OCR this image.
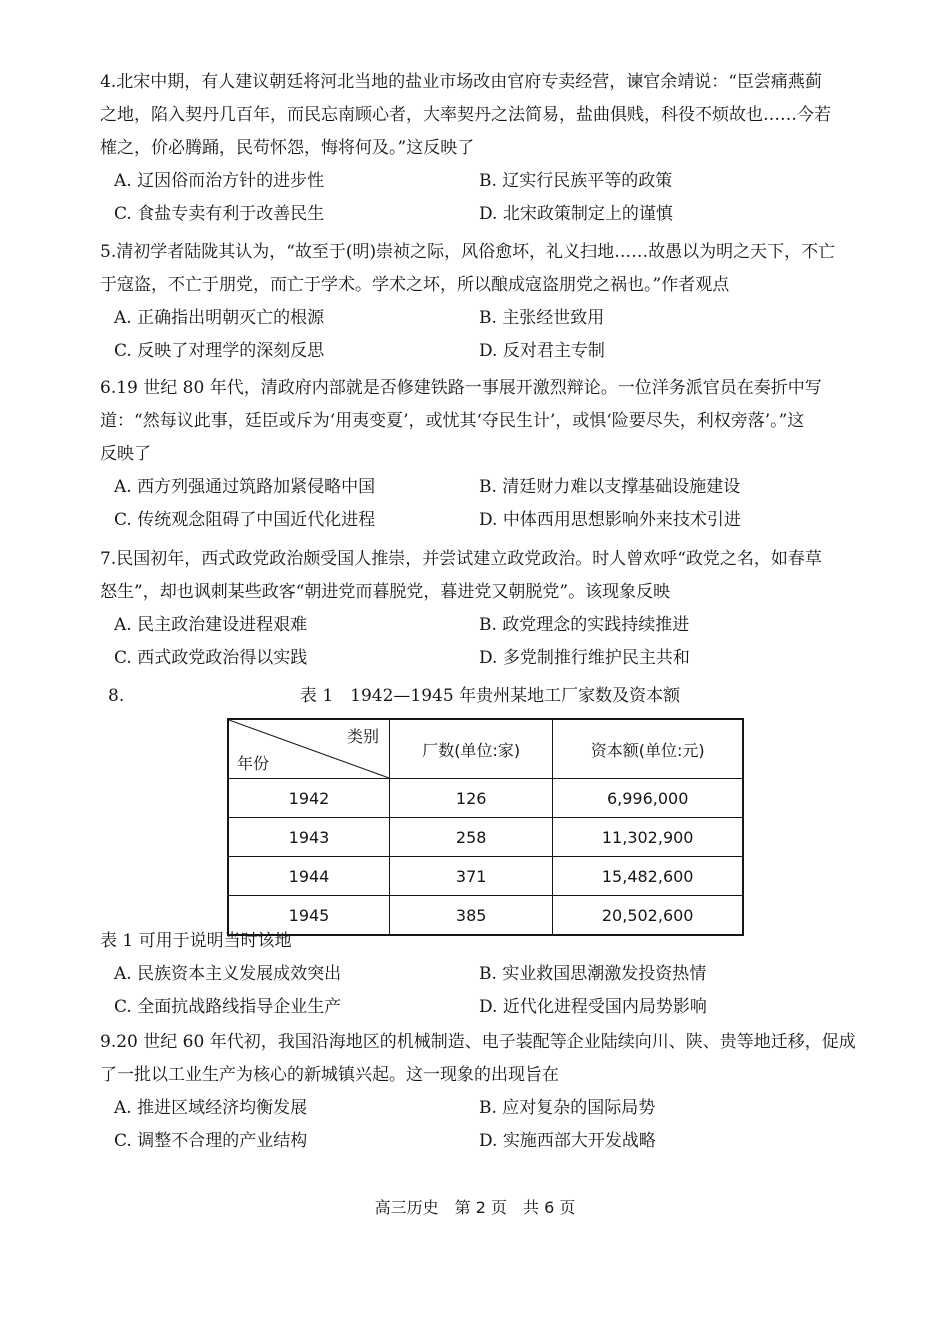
4.北宋中期，有人建议朝廷将河北当地的盐业市场改由官府专卖经营，谏官余靖说：“臣尝痛燕蓟

之地，陷入契丹几百年，而民忘南顾心者，大率契丹之法简易，盐曲俱贱，科役不烦故也……今若

榷之，价必腾踊，民苟怀怨，悔将何及。”这反映了

A. 辽因俗而治方针的进步性	B. 辽实行民族平等的政策
C. 食盐专卖有利于改善民生	D. 北宋政策制定上的谨慎

5.清初学者陆陇其认为，“故至于(明)崇祯之际，风俗愈坏，礼义扫地……故愚以为明之天下，不亡

于寇盗，不亡于朋党，而亡于学术。学术之坏，所以酿成寇盗朋党之祸也。”作者观点

A. 正确指出明朝灭亡的根源	B. 主张经世致用
C. 反映了对理学的深刻反思	D. 反对君主专制

6.19 世纪 80 年代，清政府内部就是否修建铁路一事展开激烈辩论。一位洋务派官员在奏折中写

道：“然每议此事，廷臣或斥为‘用夷变夏’，或忧其‘夺民生计’，或惧‘险要尽失，利权旁落’。”这

反映了

A. 西方列强通过筑路加紧侵略中国	B. 清廷财力难以支撑基础设施建设
C. 传统观念阻碍了中国近代化进程	D. 中体西用思想影响外来技术引进

7.民国初年，西式政党政治颇受国人推崇，并尝试建立政党政治。时人曾欢呼“政党之名，如春草

怒生”，却也讽刺某些政客“朝进党而暮脱党，暮进党又朝脱党”。该现象反映

A. 民主政治建设进程艰难	B. 政党理念的实践持续推进
C. 西式政党政治得以实践	D. 多党制推行维护民主共和
8.	表 1　1942—1945 年贵州某地工厂家数及资本额
类别
年份	厂数(单位:家)	资本额(单位:元)
1942	126	6,996,000
1943	258	11,302,900
1944	371	15,482,600
1945	385	20,502,600

表 1 可用于说明当时该地

A. 民族资本主义发展成效突出	B. 实业救国思潮激发投资热情
C. 全面抗战路线指导企业生产	D. 近代化进程受国内局势影响

9.20 世纪 60 年代初，我国沿海地区的机械制造、电子装配等企业陆续向川、陕、贵等地迁移，促成

了一批以工业生产为核心的新城镇兴起。这一现象的出现旨在

A. 推进区域经济均衡发展	B. 应对复杂的国际局势
C. 调整不合理的产业结构	D. 实施西部大开发战略
高三历史　第 2 页　共 6 页
